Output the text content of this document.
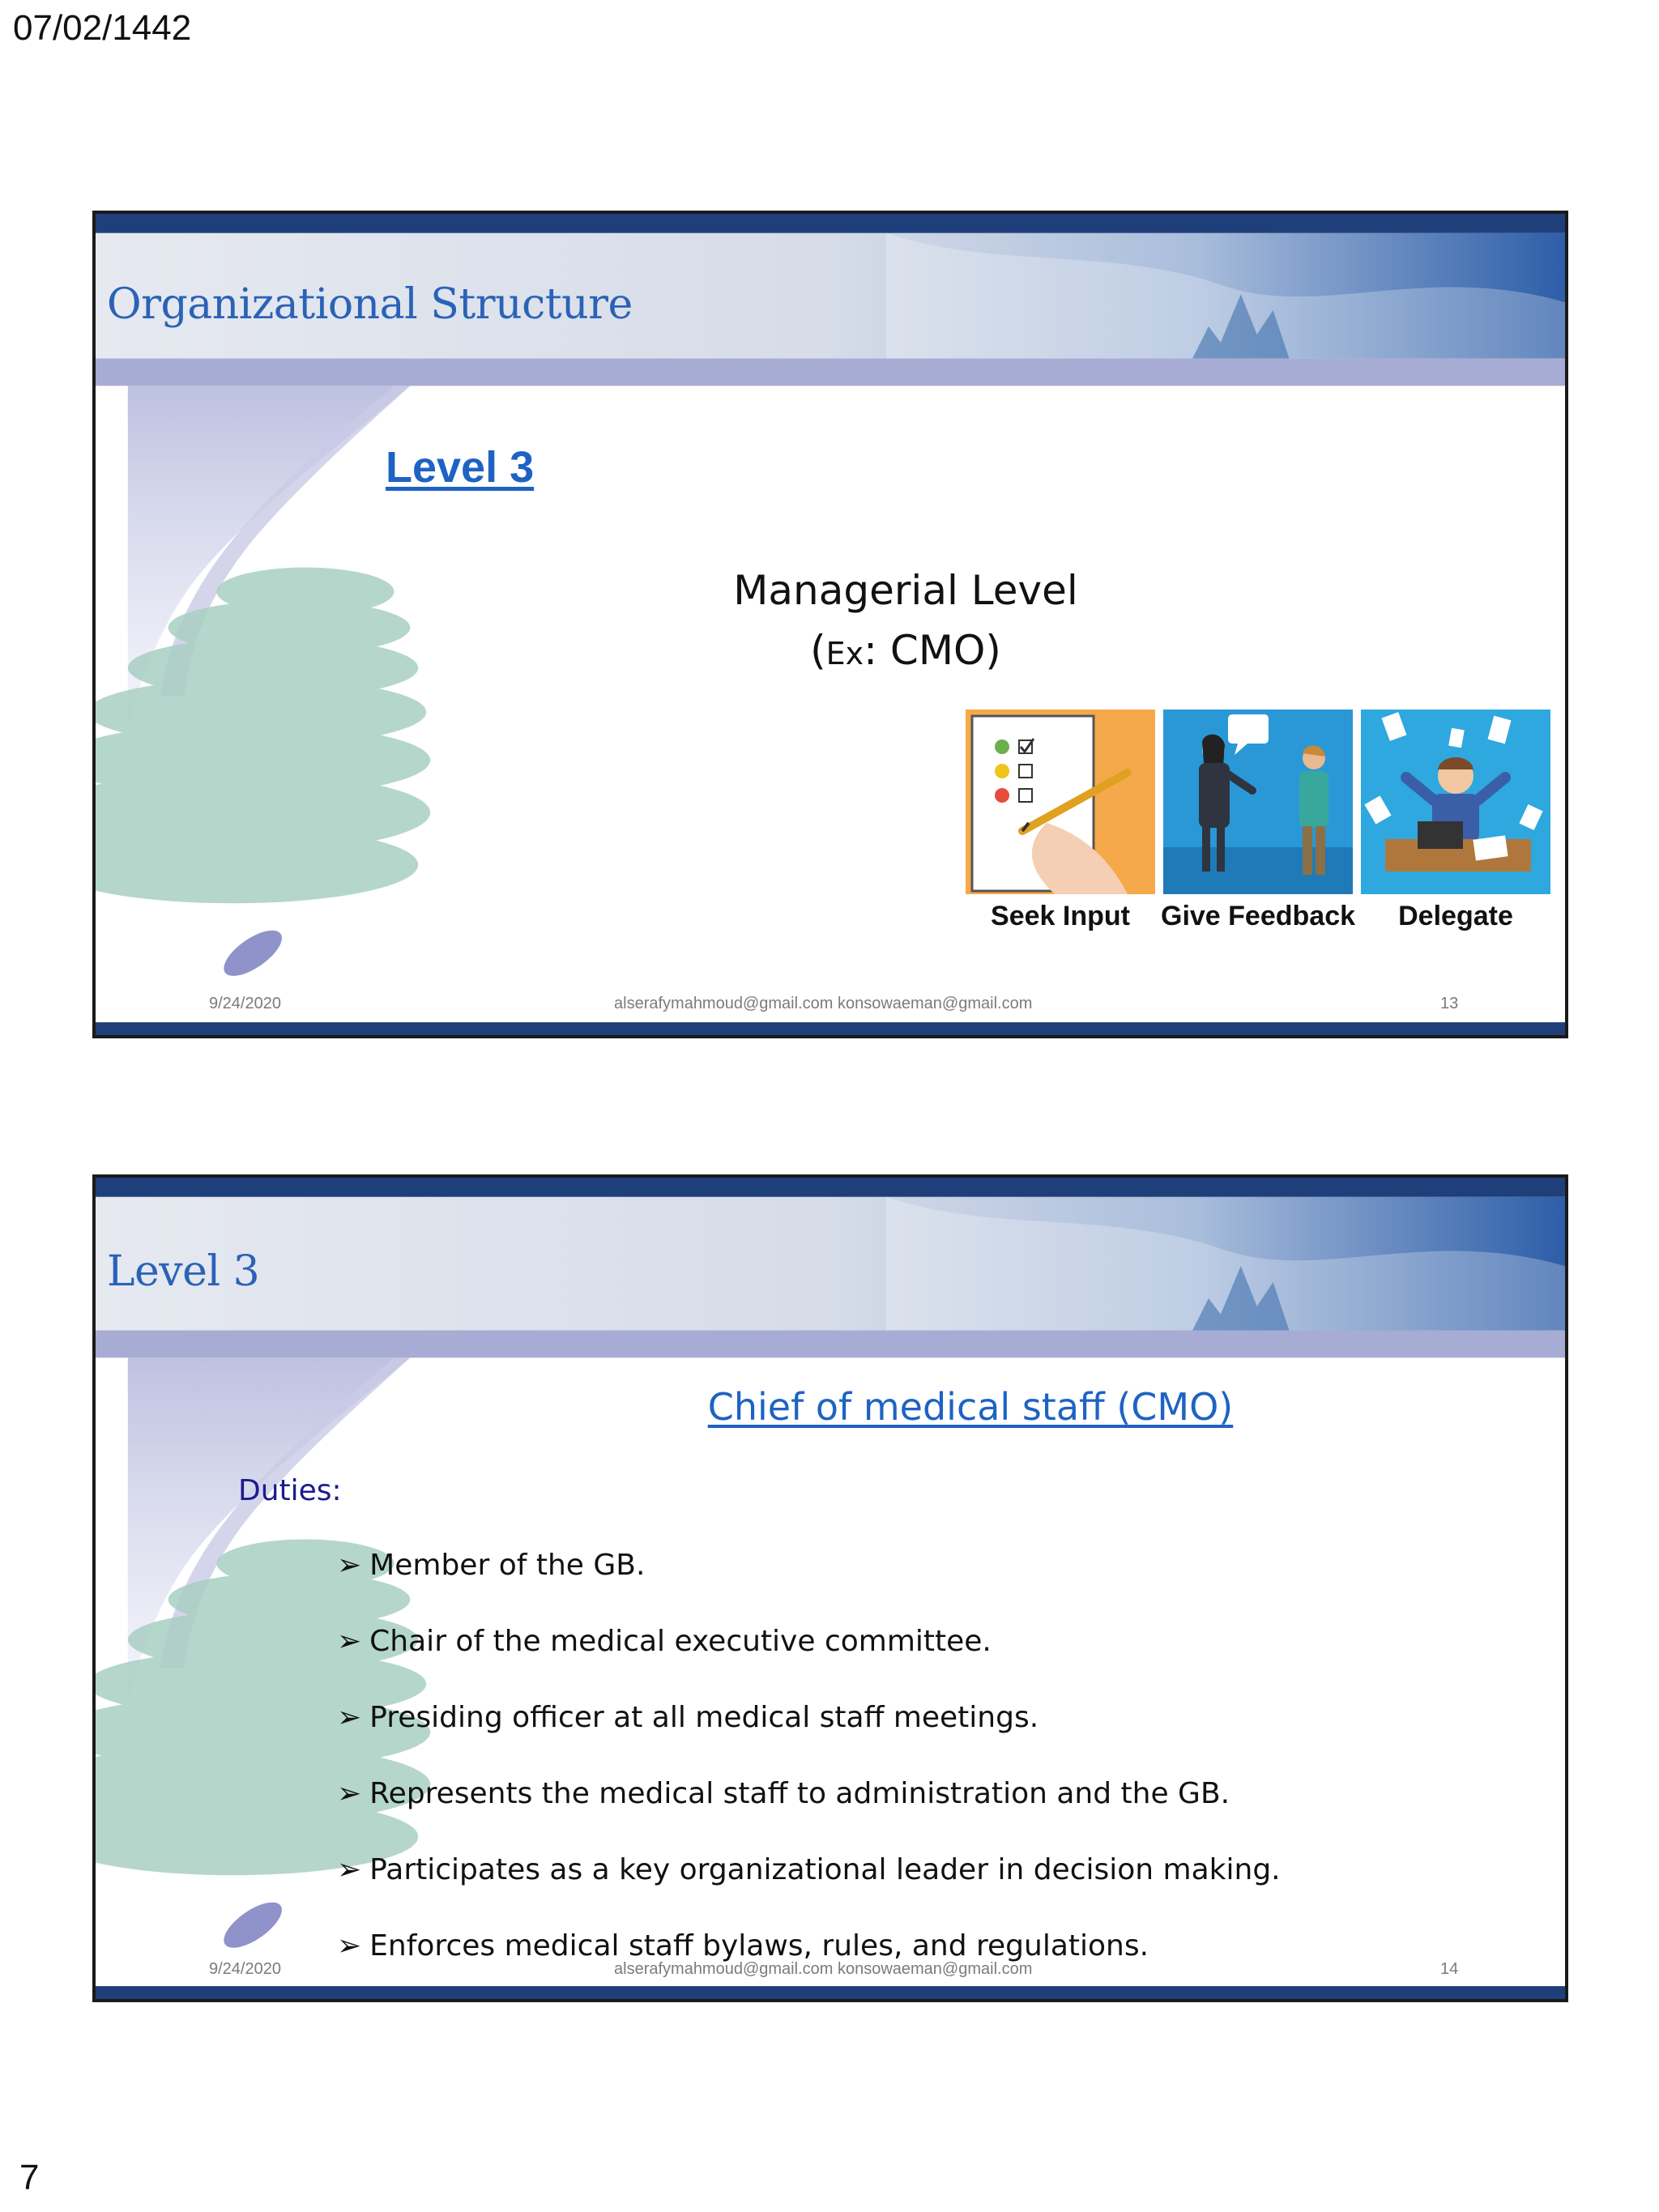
07/02/1442
Organizational Structure
Level 3
Managerial Level
(Ex: CMO)
Seek Input	Give Feedback	Delegate
9/24/2020	alserafymahmoud@gmail.com konsowaeman@gmail.com	13
Level 3
Chief of medical staff (CMO)
Duties:
➢ Member of the GB.
➢ Chair of the medical executive committee.
➢ Presiding officer at all medical staff meetings.
➢ Represents the medical staff to administration and the GB.
➢ Participates as a key organizational leader in decision making.
9/24/2020	alserafymahmoud@gmail.com konsowaeman@gmail.com	14
➢ Enforces medical staff bylaws, rules, and regulations.
7
